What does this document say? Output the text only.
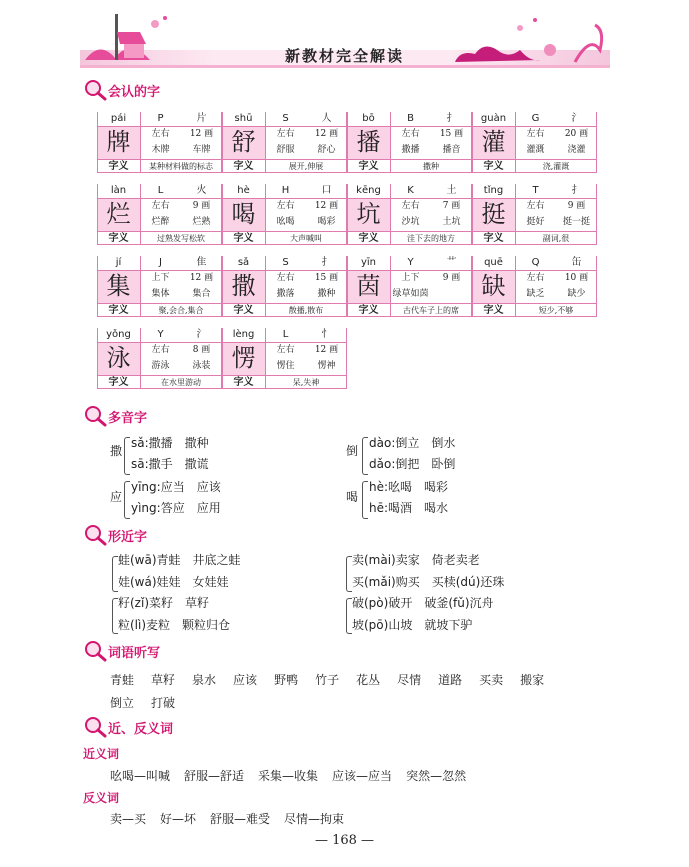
新教材完全解读
会认的字
pái	P	片
牌	左右	12 画
木牌	车牌
字义	某种材料做的标志
shū	S	人
舒	左右	12 画
舒服	舒心
字义	展开,伸展
bō	B	扌
播	左右	15 画
撒播	播音
字义	撒种
guàn	G	氵
灌	左右	20 画
灌溉	浇灌
字义	浇,灌溉
làn	L	火
烂	左右	9 画
烂醉	烂熟
字义	过熟发写松软
hè	H	口
喝	左右	12 画
吆喝	喝彩
字义	大声喊叫
kēng	K	土
坑	左右	7 画
沙坑	土坑
字义	洼下去的地方
tǐng	T	扌
挺	左右	9 画
挺好	挺一挺
字义	副词,很
jí	J	隹
集	上下	12 画
集体	集合
字义	聚,会合,集合
sǎ	S	扌
撒	左右	15 画
撒落	撒种
字义	散播,散布
yīn	Y	艹
茵	上下	9 画
绿草如茵
字义	古代车子上的席
quē	Q	缶
缺	左右	10 画
缺乏	缺少
字义	短少,不够
yǒng	Y	氵
泳	左右	8 画
游泳	泳装
字义	在水里游动
lèng	L	忄
愣	左右	12 画
愣住	愣神
字义	呆,失神
多音字
撒
sǎ:撒播　撒种
sā:撒手　撒谎
倒
dào:倒立　倒水
dǎo:倒把　卧倒
应
yīng:应当　应该
yìng:答应　应用
喝
hè:吆喝　喝彩
hē:喝酒　喝水
形近字
蛙(wā)青蛙　井底之蛙
娃(wá)娃娃　女娃娃
卖(mài)卖家　倚老卖老
买(mǎi)购买　买椟(dú)还珠
籽(zǐ)菜籽　草籽
粒(lì)麦粒　颗粒归仓
破(pò)破开　破釜(fǔ)沉舟
坡(pō)山坡　就坡下驴
词语听写
青蛙 草籽 泉水 应该 野鸭 竹子 花丛 尽情 道路 买卖 搬家
倒立 打破
近、反义词
近义词
吆喝—叫喊 舒服—舒适 采集—收集 应该—应当 突然—忽然
反义词
卖—买 好—坏 舒服—难受 尽情—拘束
— 168 —
